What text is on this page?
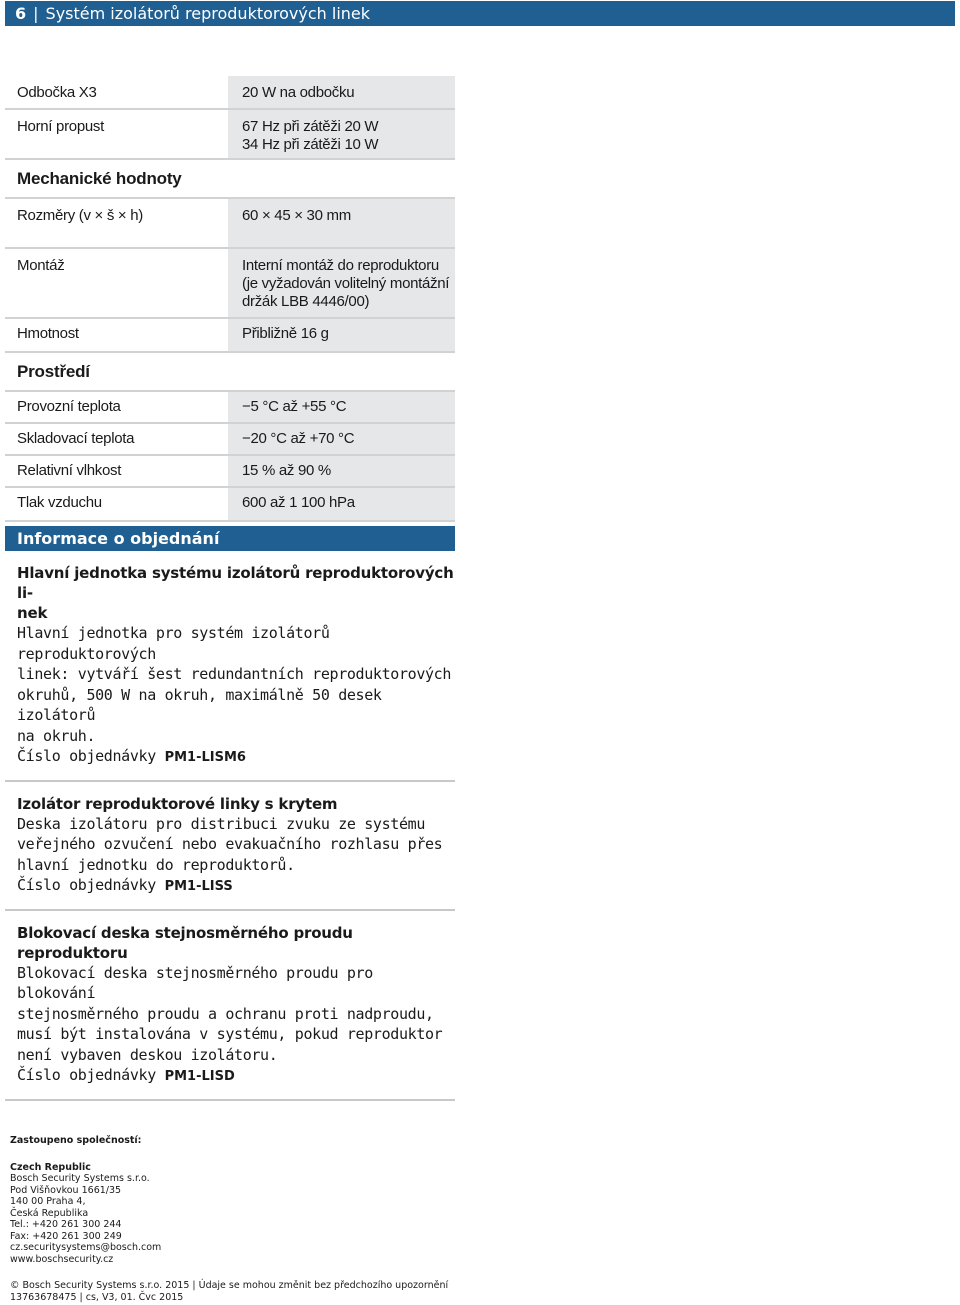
6 | Systém izolátorů reproduktorových linek
Odbočka X3	20 W na odbočku
Horní propust	67 Hz při zátěži 20 W
34 Hz při zátěži 10 W
Mechanické hodnoty
Rozměry (v × š × h)	60 × 45 × 30 mm
Montáž	Interní montáž do reproduktoru
(je vyžadován volitelný montážní
držák LBB 4446/00)
Hmotnost	Přibližně 16 g
Prostředí
Provozní teplota	−5 °C až +55 °C
Skladovací teplota	−20 °C až +70 °C
Relativní vlhkost	15 % až 90 %
Tlak vzduchu	600 až 1 100 hPa
Informace o objednání
Hlavní jednotka systému izolátorů reproduktorových li-
nek
Hlavní jednotka pro systém izolátorů reproduktorových
linek: vytváří šest redundantních reproduktorových
okruhů, 500 W na okruh, maximálně 50 desek izolátorů
na okruh.
Číslo objednávky PM1-LISM6
Izolátor reproduktorové linky s krytem
Deska izolátoru pro distribuci zvuku ze systému
veřejného ozvučení nebo evakuačního rozhlasu přes
hlavní jednotku do reproduktorů.
Číslo objednávky PM1-LISS
Blokovací deska stejnosměrného proudu reproduktoru
Blokovací deska stejnosměrného proudu pro blokování
stejnosměrného proudu a ochranu proti nadproudu,
musí být instalována v systému, pokud reproduktor
není vybaven deskou izolátoru.
Číslo objednávky PM1-LISD
Zastoupeno společností:
Czech Republic
Bosch Security Systems s.r.o.
Pod Višňovkou 1661/35
140 00 Praha 4,
Česká Republika
Tel.: +420 261 300 244
Fax: +420 261 300 249
cz.securitysystems@bosch.com
www.boschsecurity.cz
© Bosch Security Systems s.r.o. 2015 | Údaje se mohou změnit bez předchozího upozornění
13763678475 | cs, V3, 01. Čvc 2015
